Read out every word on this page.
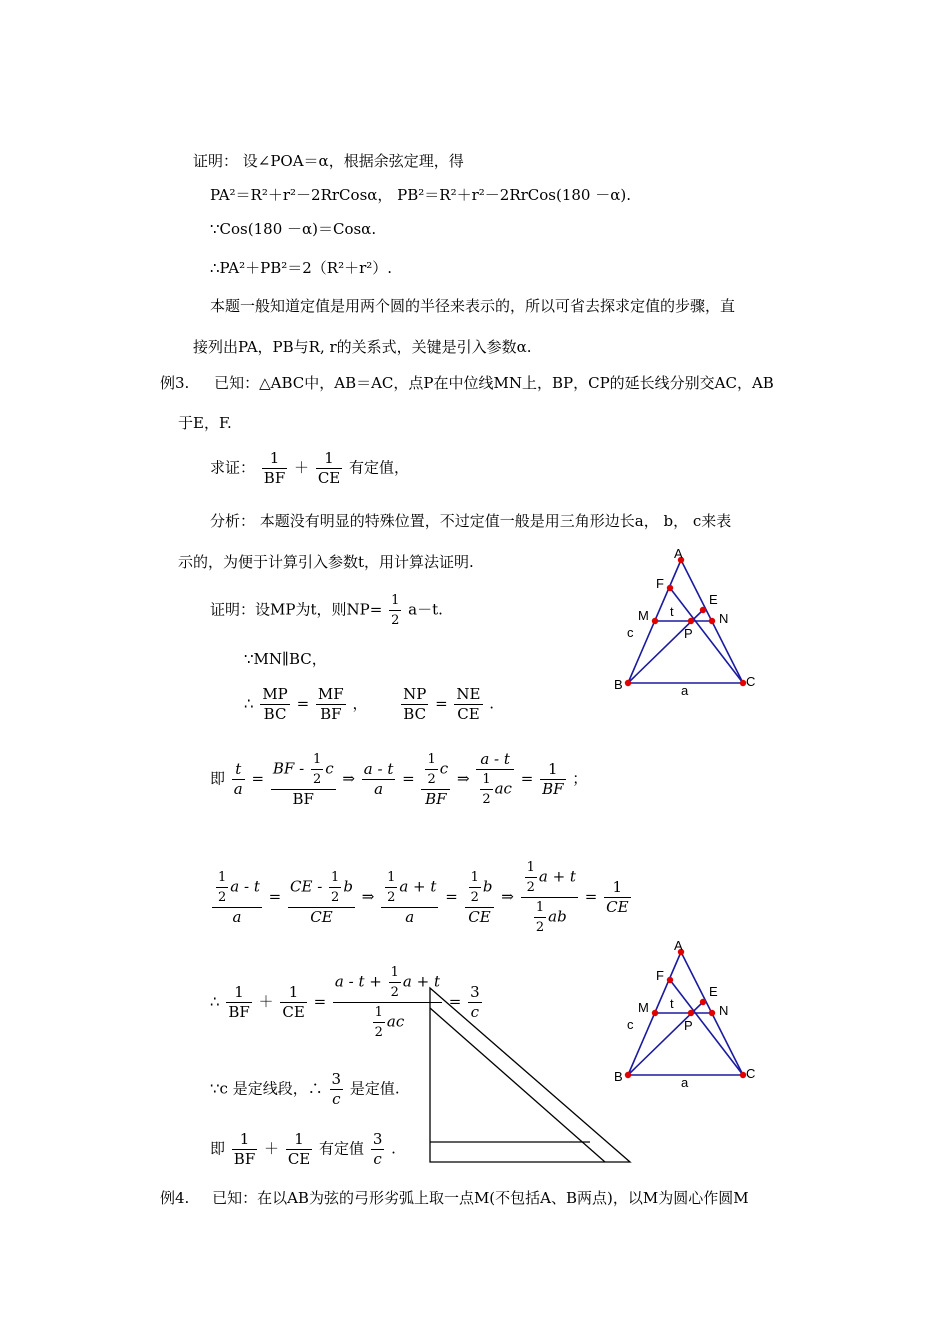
证明： 设∠POA＝α，根据余弦定理，得
PA²＝R²＋r²－2RrCosα， PB²＝R²＋r²－2RrCos(180 －α).
∵Cos(180 －α)＝Cosα.
∴PA²＋PB²＝2（R²＋r²）.
本题一般知道定值是用两个圆的半径来表示的，所以可省去探求定值的步骤，直
接列出PA，PB与R, r的关系式，关键是引入参数α.
例3. 已知：△ABC中，AB＝AC，点P在中位线MN上，BP，CP的延长线分别交AC，AB
于E，F.
求证： $\frac{1}{BF} + \frac{1}{CE}$ 有定值，
分析： 本题没有明显的特殊位置，不过定值一般是用三角形边长a， b， c来表
示的，为便于计算引入参数t，用计算法证明.
证明：设MP为t，则$NP= \frac{1}{2} a-t$.
∵MN∥BC，
∴ $\frac{MP}{BC} = \frac{MF}{BF}$ ， $\frac{NP}{BC} = \frac{NE}{CE}$ .
即 $\frac{t}{a} = \frac{BF - \frac{1}{2} c}{BF}$ ⇒ $\frac{a - t}{a} = \frac{\frac{1}{2} c}{BF}$ ⇒ $\frac{a - t}{\frac{1}{2} ac} = \frac{1}{BF}$ ；
$\frac{\frac{1}{2} a - t}{a} = \frac{CE - \frac{1}{2} b}{CE}$ ⇒ $\frac{\frac{1}{2} a + t}{a} = \frac{\frac{1}{2} b}{CE}$ ⇒ $\frac{\frac{1}{2} a + t}{\frac{1}{2} ab} = \frac{1}{CE}$
∴ $\frac{1}{BF} + \frac{1}{CE} = \frac{a - t + \frac{1}{2} a + t}{\frac{1}{2} ac} = \frac{3}{c}$
∵c 是定线段，∴ $\frac{3}{c}$ 是定值.
即 $\frac{1}{BF} + \frac{1}{CE}$ 有定值 $\frac{3}{c}$ .
例4. 已知：在以AB为弦的弓形劣弧上取一点M(不包括A、B两点)，以M为圆心作圆M
A
F
E
M	N
P
t
c
a
B	C
A
F
E
M	N
P
t
c
a
B	C
